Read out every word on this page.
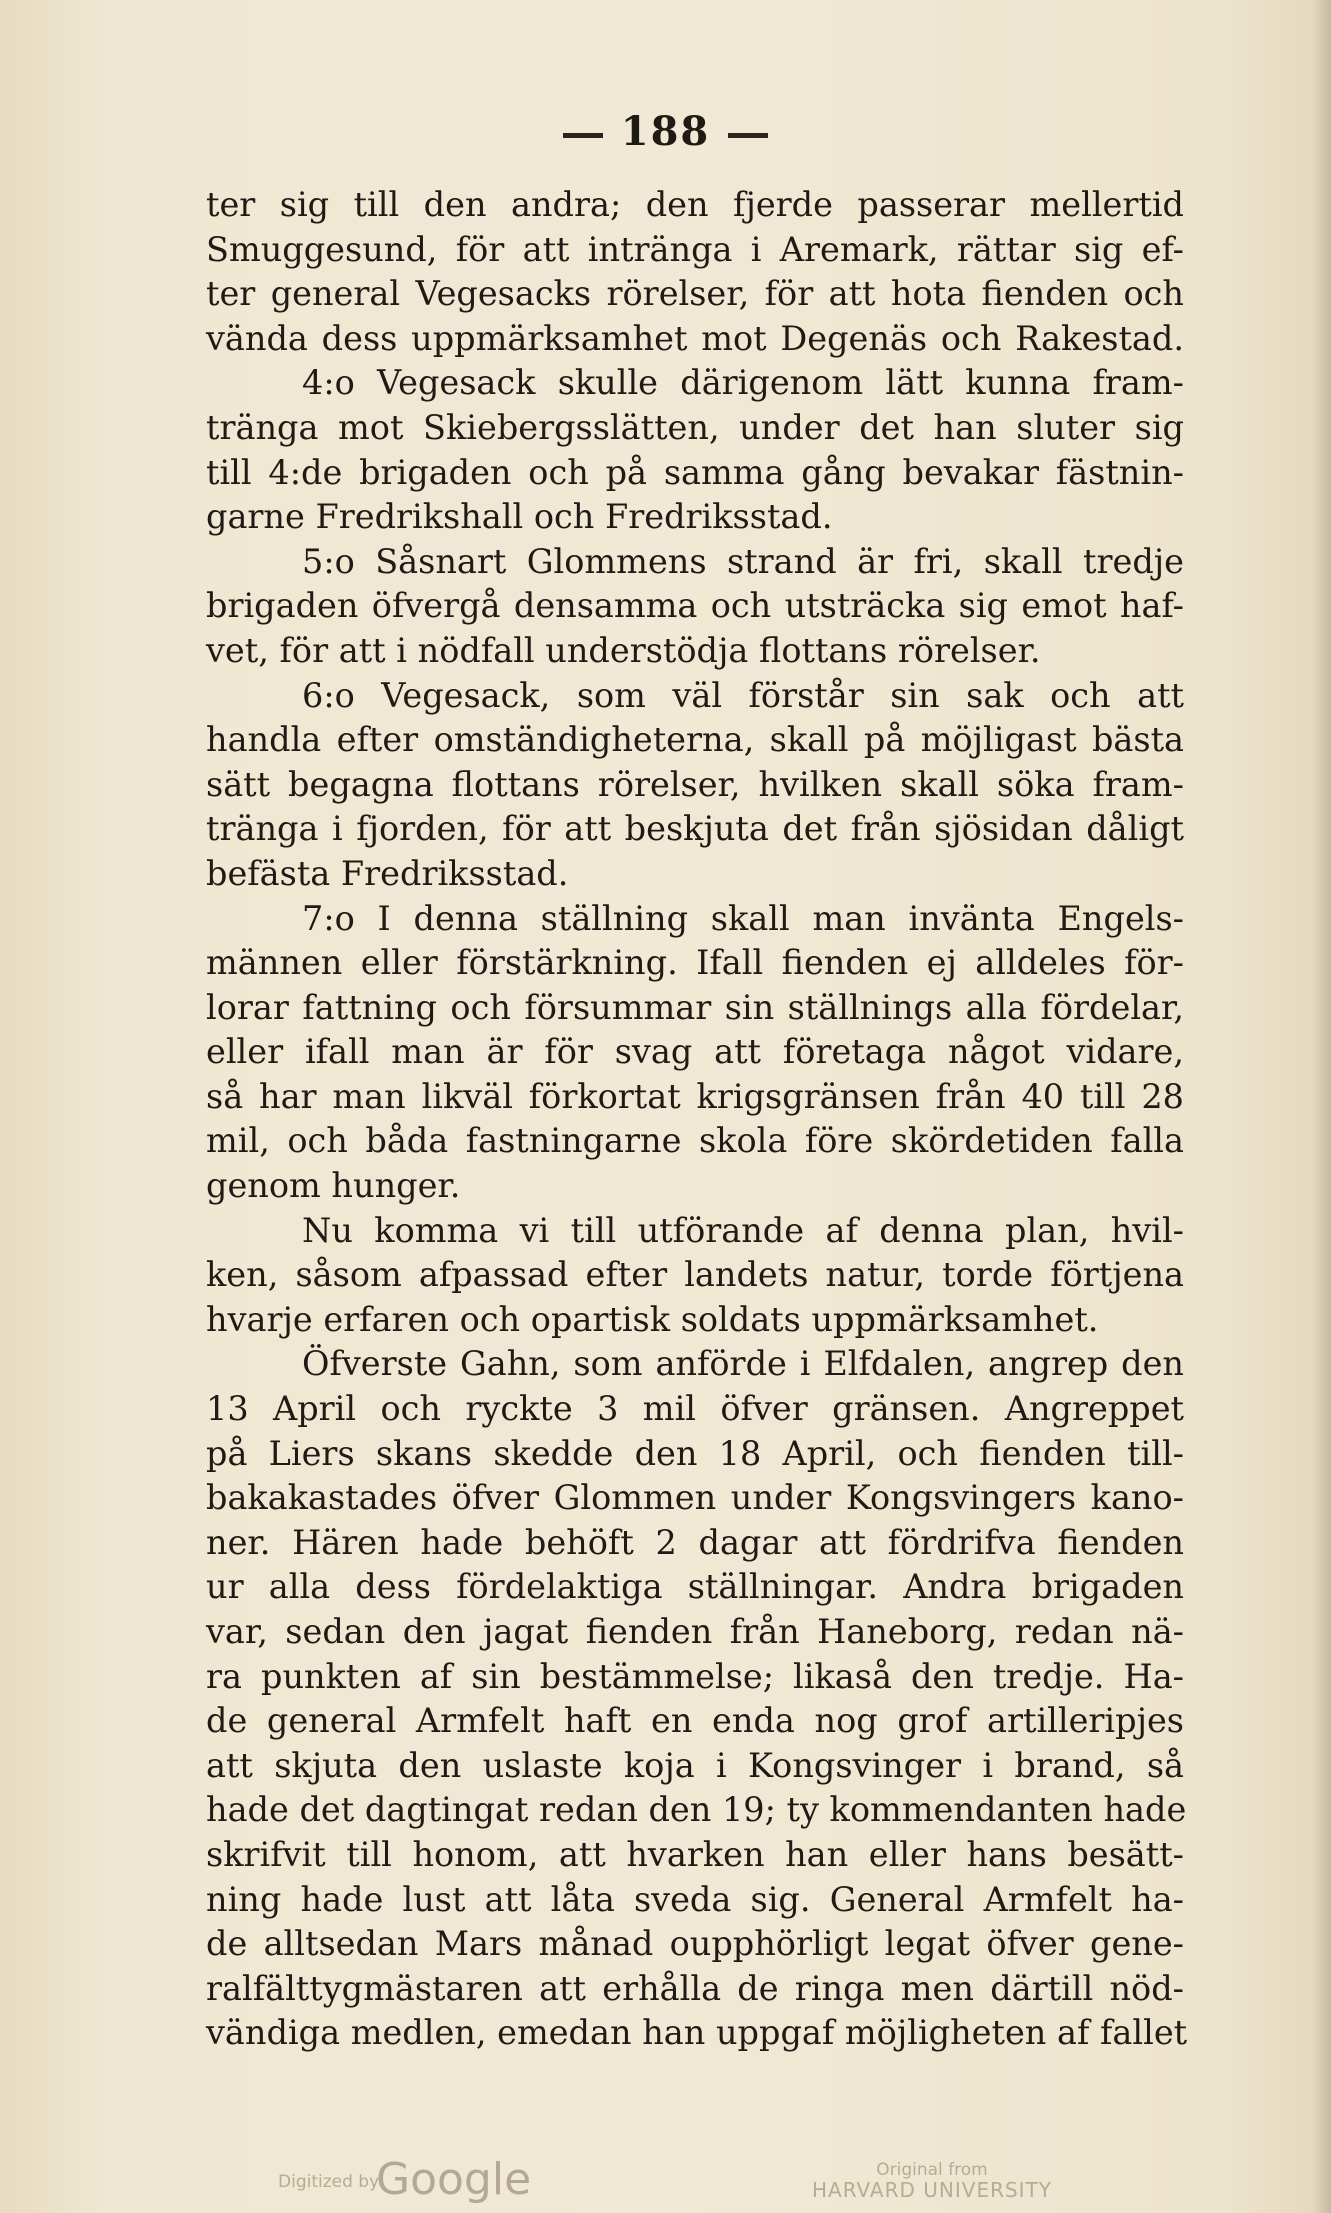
188
ter sig till den andra; den fjerde passerar mellertid
Smuggesund, för att intränga i Aremark, rättar sig ef-
ter general Vegesacks rörelser, för att hota fienden och
vända dess uppmärksamhet mot Degenäs och Rakestad.
4:o Vegesack skulle därigenom lätt kunna fram-
tränga mot Skiebergsslätten, under det han sluter sig
till 4:de brigaden och på samma gång bevakar fästnin-
garne Fredrikshall och Fredriksstad.
5:o Såsnart Glommens strand är fri, skall tredje
brigaden öfvergå densamma och utsträcka sig emot haf-
vet, för att i nödfall understödja flottans rörelser.
6:o Vegesack, som väl förstår sin sak och att
handla efter omständigheterna, skall på möjligast bästa
sätt begagna flottans rörelser, hvilken skall söka fram-
tränga i fjorden, för att beskjuta det från sjösidan dåligt
befästa Fredriksstad.
7:o I denna ställning skall man invänta Engels-
männen eller förstärkning. Ifall fienden ej alldeles för-
lorar fattning och försummar sin ställnings alla fördelar,
eller ifall man är för svag att företaga något vidare,
så har man likväl förkortat krigsgränsen från 40 till 28
mil, och båda fastningarne skola före skördetiden falla
genom hunger.
Nu komma vi till utförande af denna plan, hvil-
ken, såsom afpassad efter landets natur, torde förtjena
hvarje erfaren och opartisk soldats uppmärksamhet.
Öfverste Gahn, som anförde i Elfdalen, angrep den
13 April och ryckte 3 mil öfver gränsen. Angreppet
på Liers skans skedde den 18 April, och fienden till-
bakakastades öfver Glommen under Kongsvingers kano-
ner. Hären hade behöft 2 dagar att fördrifva fienden
ur alla dess fördelaktiga ställningar. Andra brigaden
var, sedan den jagat fienden från Haneborg, redan nä-
ra punkten af sin bestämmelse; likaså den tredje. Ha-
de general Armfelt haft en enda nog grof artilleripjes
att skjuta den uslaste koja i Kongsvinger i brand, så
hade det dagtingat redan den 19; ty kommendanten hade
skrifvit till honom, att hvarken han eller hans besätt-
ning hade lust att låta sveda sig. General Armfelt ha-
de alltsedan Mars månad oupphörligt legat öfver gene-
ralfälttygmästaren att erhålla de ringa men därtill nöd-
vändiga medlen, emedan han uppgaf möjligheten af fallet
Digitized by
Google	Original from
HARVARD UNIVERSITY
